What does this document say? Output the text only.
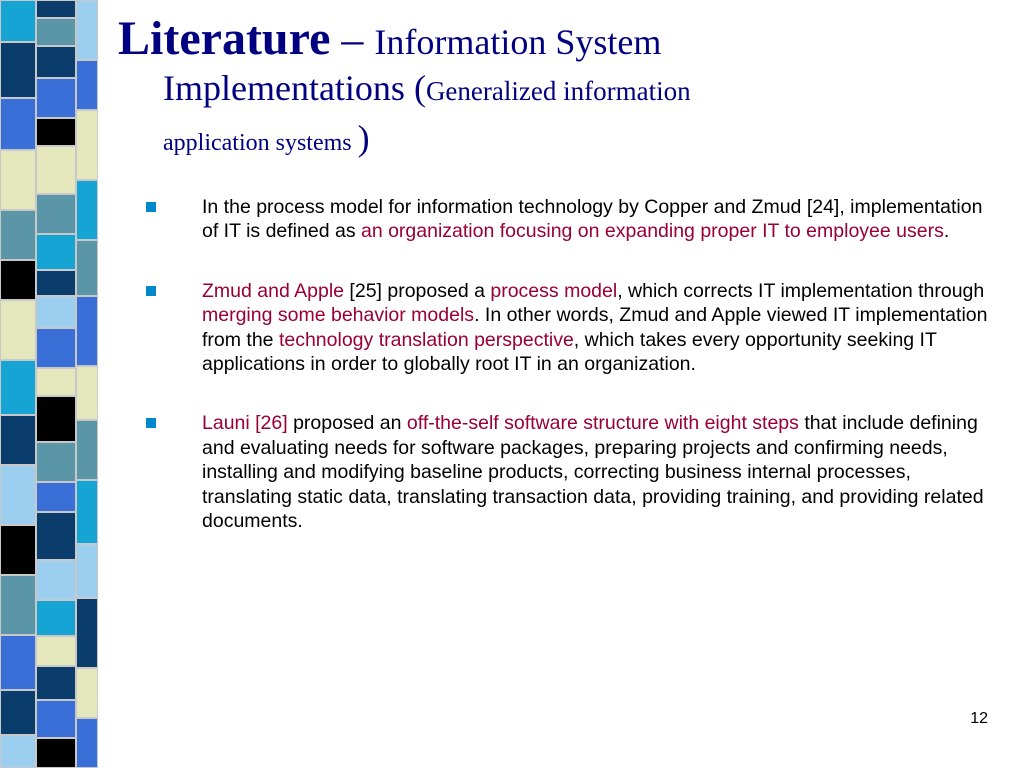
Literature – Information System
Implementations (Generalized information
application systems )
In the process model for information technology by Copper and Zmud [24], implementation of IT is defined as an organization focusing on expanding proper IT to employee users.
Zmud and Apple [25] proposed a process model, which corrects IT implementation through merging some behavior models. In other words, Zmud and Apple viewed IT implementation from the technology translation perspective, which takes every opportunity seeking IT applications in order to globally root IT in an organization.
Launi [26] proposed an off-the-self software structure with eight steps that include defining and evaluating needs for software packages, preparing projects and confirming needs, installing and modifying baseline products, correcting business internal processes, translating static data, translating transaction data, providing training, and providing related documents.
12
